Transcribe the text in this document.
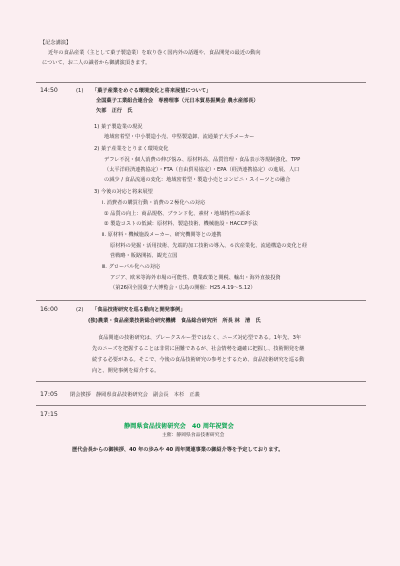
【記念講演】
近年の食品産業（主として菓子製造業）を取り巻く国内外の話題や、食品開発の最近の動向
について、お二人の識者から御講演頂きます。
14:50	(1) 「菓子産業をめぐる環境変化と将来展望について」
全国菓子工業組合連合会　専務理事（元日本貿易振興会 農水産部長）
矢部　正行　氏
1) 菓子製造業の現況
地域密着型・中小製造小売、中堅製造卸、流通菓子大手メーカー
2) 菓子産業をとりまく環境変化
デフレ不況・個人消費の伸び悩み、原材料高、品質管理・食品表示等規制強化、TPP
（太平洋経済連携協定）・FTA（自由貿易協定）・EPA（経済連携協定）の進展、人口
の減少 / 食品流通の変化：地域密着型・製造小売とコンビニ・スイーツとの融合
3) 今後の対応と将来展望
ⅰ. 消費者の購買行動・消費の２極化への対応
① 品質の向上：商品規格、ブランド化、素材・地域特性の訴求
② 製造コストの低減：原材料、製造技術、機械施設・HACCP手法
ⅱ. 原材料・機械施設メーカー、研究機関等との連携
原材料の発掘・活用技術、先端的加工技術の導入、６次産業化、流通構造の変化と経
営戦略・販路開拓、観光立国
ⅲ. グローバル化への対応
アジア、欧米等海外市場の可能性、農業政策と関税、輸出・海外直接投資
（第26回全国菓子大博覧会・広島の開催：H25.4.19〜5.12）
16:00	(2) 「食品技術研究を巡る動向と開発事例」
(独)農業・食品産業技術総合研究機構　食品総合研究所　所長 林　清　氏
食品関連の技術研究は、プレークスルー型ではなく、ニーズ対応型である。1年先、3年
先のニーズを把握することは非常に困難であるが、社会情勢を適確に把握し、技術開発を継
続する必要がある。そこで、今後の食品技術研究の参考とするため、食品技術研究を巡る動
向と、開発事例を紹介する。
17:05 閉会挨拶　静岡県食品技術研究会　副会長　本杉　正義
17:15
静岡県食品技術研究会　40 周年祝賀会
主催：静岡県食品技術研究会
歴代会長からの御挨拶、40 年の歩みや 40 周年関連事業の御紹介等を予定しております。
